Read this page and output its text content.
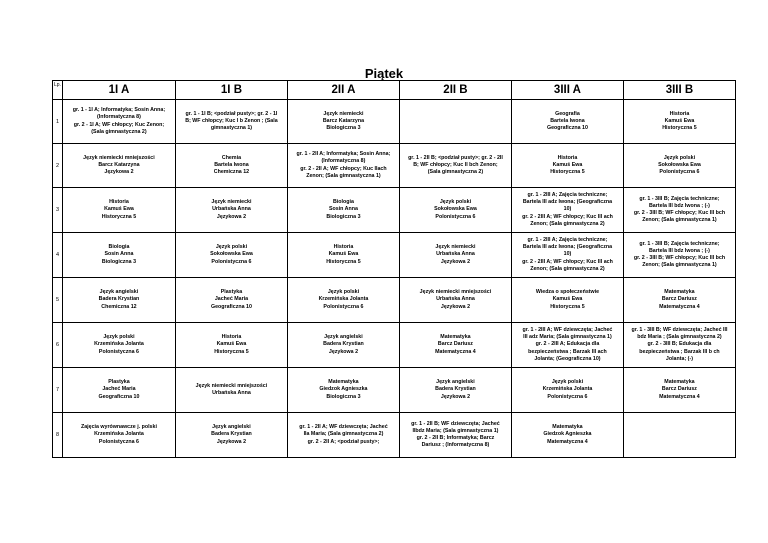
Piątek
Lp.	1I A	1I B	2II A	2II B	3III A	3III B
1	gr. 1 - 1I A; Informatyka; Sosin Anna;
(Informatyczna 8)
gr. 2 - 1I A; WF chłopcy; Kuc Zenon;
(Sala gimnastyczna 2)	gr. 1 - 1I B; <podział pusty>; gr. 2 - 1I
B; WF chłopcy; Kuc I b Zenon ; (Sala
gimnastyczna 1)	Język niemiecki
Barcz Katarzyna
Biologiczna 3		Geografia
Bartela Iwona
Geograficzna 10	Historia
Kamuś Ewa
Historyczna 5

2	Język niemiecki mniejszości
Barcz Katarzyna
Językowa 2	Chemia
Bartela Iwona
Chemiczna 12	gr. 1 - 2II A; Informatyka; Sosin Anna;
(Informatyczna 8)
gr. 2 - 2II A; WF chłopcy; Kuc IIach
Zenon; (Sala gimnastyczna 1)	gr. 1 - 2II B; <podział pusty>; gr. 2 - 2II
B; WF chłopcy; Kuc II bch Zenon;
(Sala gimnastyczna 2)	Historia
Kamuś Ewa
Historyczna 5	Język polski
Sokołowska Ewa
Polonistyczna 6

3	Historia
Kamuś Ewa
Historyczna 5	Język niemiecki
Urbańska Anna
Językowa 2	Biologia
Sosin Anna
Biologiczna 3	Język polski
Sokołowska Ewa
Polonistyczna 6	gr. 1 - 2III A; Zajęcia techniczne;
Bartela III adz Iwona; (Geograficzna
10)
gr. 2 - 2III A; WF chłopcy; Kuc III ach
Zenon; (Sala gimnastyczna 2)	gr. 1 - 3III B; Zajęcia techniczne;
Bartela III bdz Iwona ; (-)
gr. 2 - 3III B; WF chłopcy; Kuc III bch
Zenon; (Sala gimnastyczna 1)

4	Biologia
Sosin Anna
Biologiczna 3	Język polski
Sokołowska Ewa
Polonistyczna 6	Historia
Kamuś Ewa
Historyczna 5	Język niemiecki
Urbańska Anna
Językowa 2	gr. 1 - 2III A; Zajęcia techniczne;
Bartela III adz Iwona; (Geograficzna
10)
gr. 2 - 2III A; WF chłopcy; Kuc III ach
Zenon; (Sala gimnastyczna 2)	gr. 1 - 3III B; Zajęcia techniczne;
Bartela III bdz Iwona ; (-)
gr. 2 - 3III B; WF chłopcy; Kuc III bch
Zenon; (Sala gimnastyczna 1)

5	Język angielski
Badera Krystian
Chemiczna 12	Plastyka
Jacheć Maria
Geograficzna 10	Język polski
Krzemińska Jolanta
Polonistyczna 6	Język niemiecki mniejszości
Urbańska Anna
Językowa 2	Wiedza o społeczeństwie
Kamuś Ewa
Historyczna 5	Matematyka
Barcz Dariusz
Matematyczna 4

6	Język polski
Krzemińska Jolanta
Polonistyczna 6	Historia
Kamuś Ewa
Historyczna 5	Język angielski
Badera Krystian
Językowa 2	Matematyka
Barcz Dariusz
Matematyczna 4	gr. 1 - 2III A; WF dziewczęta; Jacheć
III adz Maria; (Sala gimnastyczna 1)
gr. 2 - 2III A; Edukacja dla
bezpieczeństwa ; Barzak III ach
Jolanta; (Geograficzna 10)	gr. 1 - 3III B; WF dziewczęta; Jacheć III
bdz Maria ; (Sala gimnastyczna 2)
gr. 2 - 3III B; Edukacja dla
bezpieczeństwa ; Barzak III b ch
Jolanta; (-)

7	Plastyka
Jacheć Maria
Geograficzna 10	Język niemiecki mniejszości
Urbańska Anna	Matematyka
Giedzok Agnieszka
Biologiczna 3	Język angielski
Badera Krystian
Językowa 2	Język polski
Krzemińska Jolanta
Polonistyczna 6	Matematyka
Barcz Dariusz
Matematyczna 4

8	Zajęcia wyrównawcze j. polski
Krzemińska Jolanta
Polonistyczna 6	Język angielski
Badera Krystian
Językowa 2	gr. 1 - 2II A; WF dziewczęta; Jacheć
IIa Maria; (Sala gimnastyczna 2)
gr. 2 - 2II A; <podział pusty>;	gr. 1 - 2II B; WF dziewczęta; Jacheć
IIbdz Maria; (Sala gimnastyczna 1)
gr. 2 - 2II B; Informatyka; Barcz
Dariusz ; (Informatyczna 8)	Matematyka
Giedzok Agnieszka
Matematyczna 4	
